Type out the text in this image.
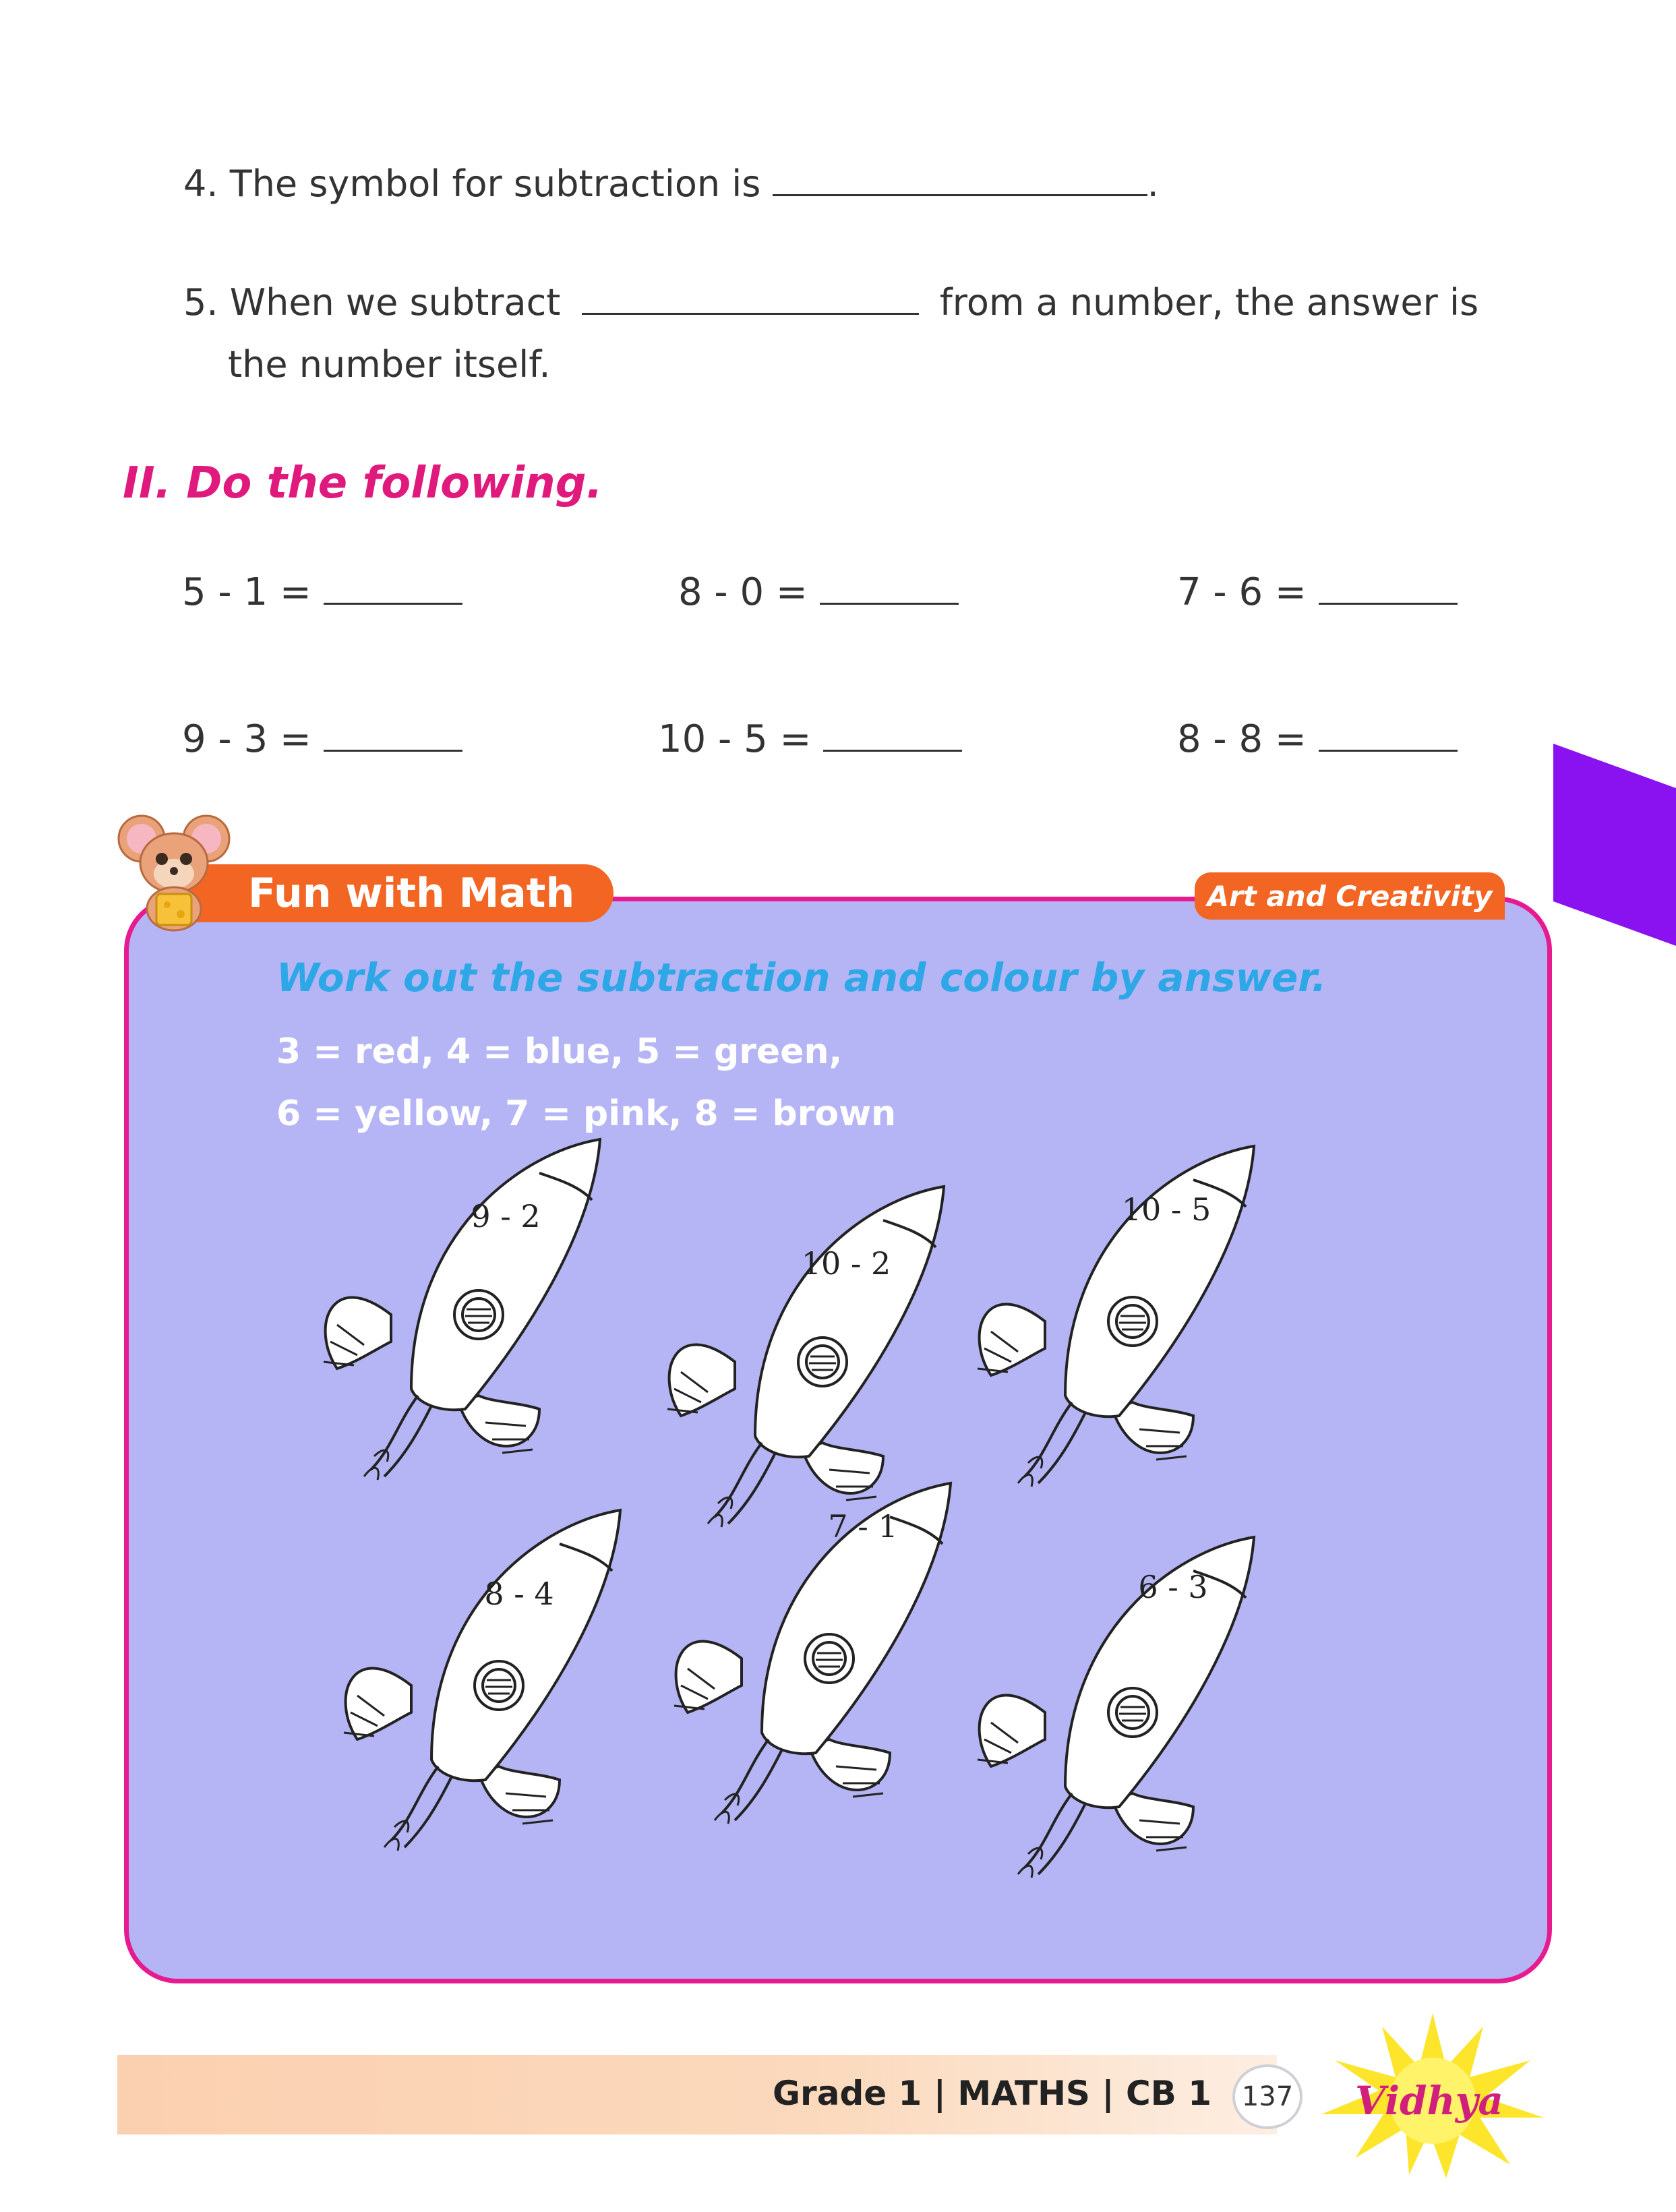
4. The symbol for subtraction is	.
5. When we subtract	from a number, the answer is
the number itself.
II. Do the following.
5 - 1 =	8 - 0 =	7 - 6 =
9 - 3 =	10 - 5 =	8 - 8 =
Fun with Math	Art and Creativity
Work out the subtraction and colour by answer.
3 = red, 4 = blue, 5 = green,
6 = yellow, 7 = pink, 8 = brown
9 - 2
10 - 2
10 - 5
8 - 4
7 - 1
6 - 3
Grade 1 | MATHS | CB 1 137 Vidhya
